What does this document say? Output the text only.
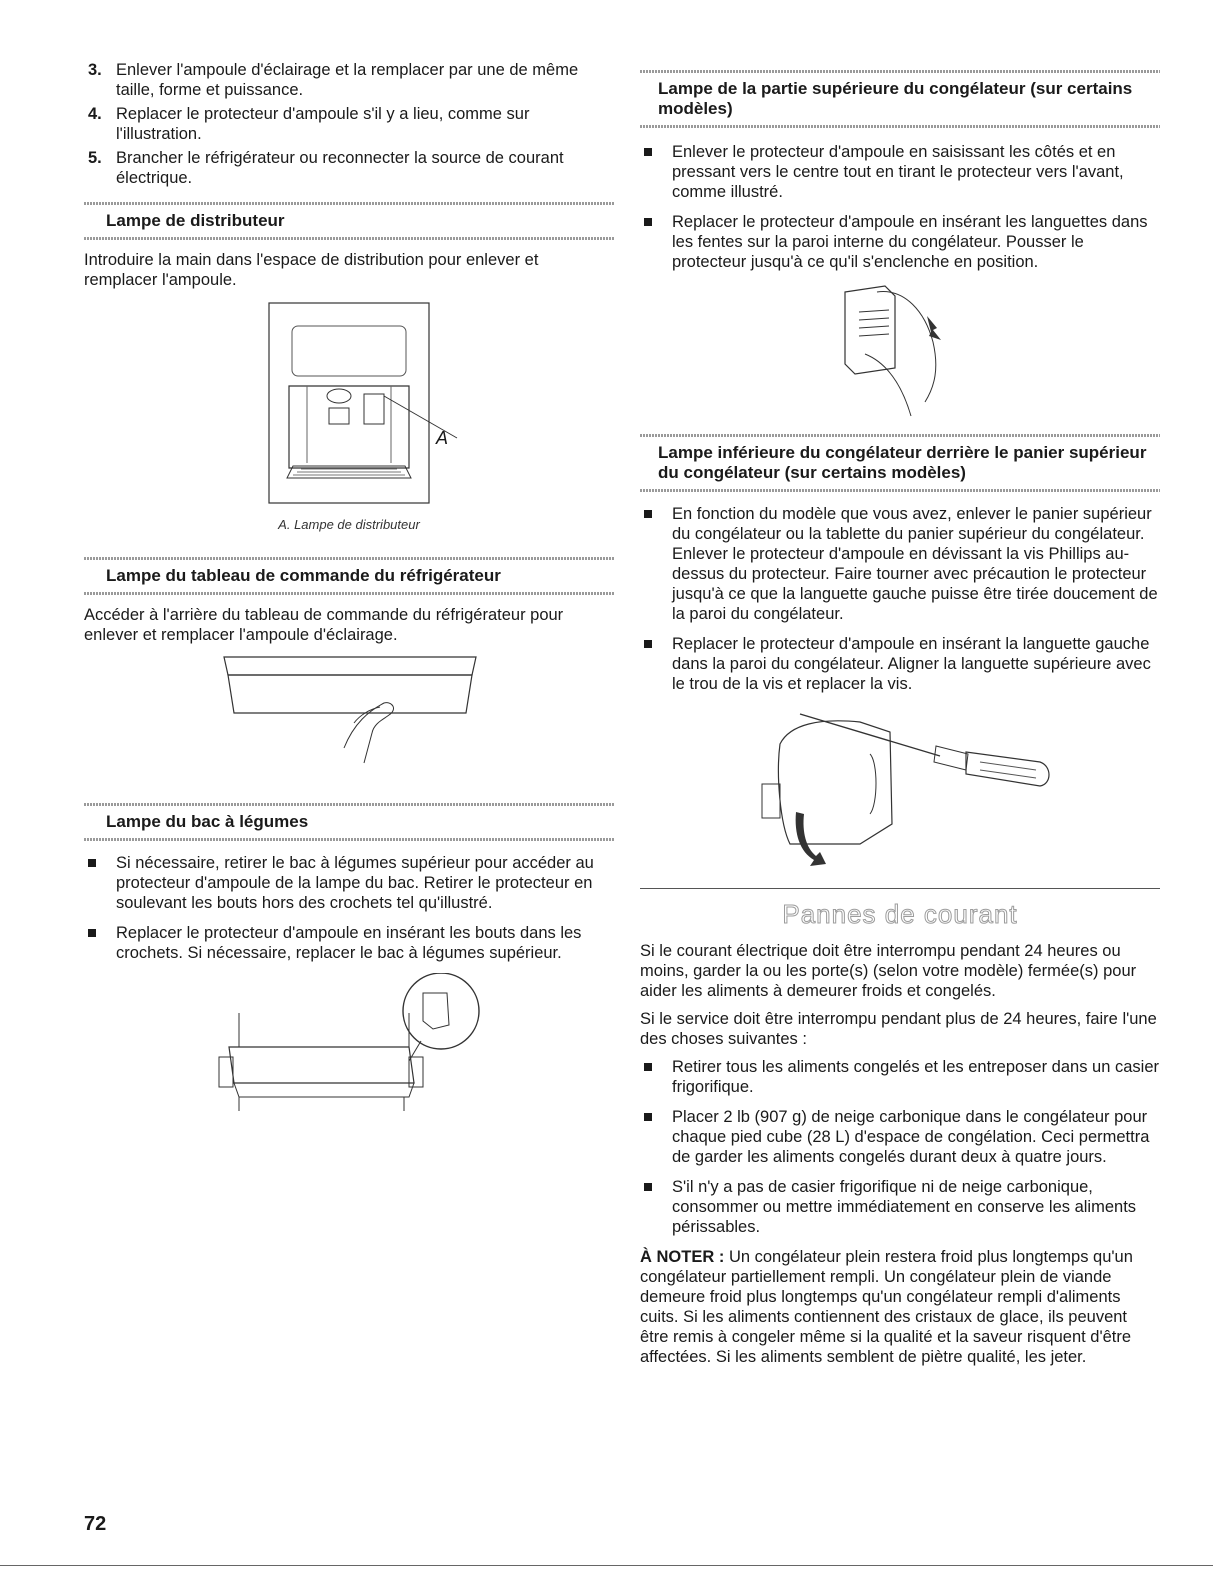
3. Enlever l'ampoule d'éclairage et la remplacer par une de même taille, forme et puissance.
4. Replacer le protecteur d'ampoule s'il y a lieu, comme sur l'illustration.
5. Brancher le réfrigérateur ou reconnecter la source de courant électrique.
Lampe de distributeur

Introduire la main dans l'espace de distribution pour enlever et remplacer l'ampoule.

A
A. Lampe de distributeur
Lampe du tableau de commande du réfrigérateur

Accéder à l'arrière du tableau de commande du réfrigérateur pour enlever et remplacer l'ampoule d'éclairage.

Lampe du bac à légumes
Si nécessaire, retirer le bac à légumes supérieur pour accéder au protecteur d'ampoule de la lampe du bac. Retirer le protecteur en soulevant les bouts hors des crochets tel qu'illustré.
Replacer le protecteur d'ampoule en insérant les bouts dans les crochets. Si nécessaire, replacer le bac à légumes supérieur.
72
Lampe de la partie supérieure du congélateur (sur certains modèles)
Enlever le protecteur d'ampoule en saisissant les côtés et en pressant vers le centre tout en tirant le protecteur vers l'avant, comme illustré.
Replacer le protecteur d'ampoule en insérant les languettes dans les fentes sur la paroi interne du congélateur. Pousser le protecteur jusqu'à ce qu'il s'enclenche en position.
Lampe inférieure du congélateur derrière le panier supérieur du congélateur (sur certains modèles)
En fonction du modèle que vous avez, enlever le panier supérieur du congélateur ou la tablette du panier supérieur du congélateur. Enlever le protecteur d'ampoule en dévissant la vis Phillips au-dessus du protecteur. Faire tourner avec précaution le protecteur jusqu'à ce que la languette gauche puisse être tirée doucement de la paroi du congélateur.
Replacer le protecteur d'ampoule en insérant la languette gauche dans la paroi du congélateur. Aligner la languette supérieure avec le trou de la vis et replacer la vis.
Pannes de courant

Si le courant électrique doit être interrompu pendant 24 heures ou moins, garder la ou les porte(s) (selon votre modèle) fermée(s) pour aider les aliments à demeurer froids et congelés.

Si le service doit être interrompu pendant plus de 24 heures, faire l'une des choses suivantes :

Retirer tous les aliments congelés et les entreposer dans un casier frigorifique.
Placer 2 lb (907 g) de neige carbonique dans le congélateur pour chaque pied cube (28 L) d'espace de congélation. Ceci permettra de garder les aliments congelés durant deux à quatre jours.
S'il n'y a pas de casier frigorifique ni de neige carbonique, consommer ou mettre immédiatement en conserve les aliments périssables.

À NOTER : Un congélateur plein restera froid plus longtemps qu'un congélateur partiellement rempli. Un congélateur plein de viande demeure froid plus longtemps qu'un congélateur rempli d'aliments cuits. Si les aliments contiennent des cristaux de glace, ils peuvent être remis à congeler même si la qualité et la saveur risquent d'être affectées. Si les aliments semblent de piètre qualité, les jeter.
